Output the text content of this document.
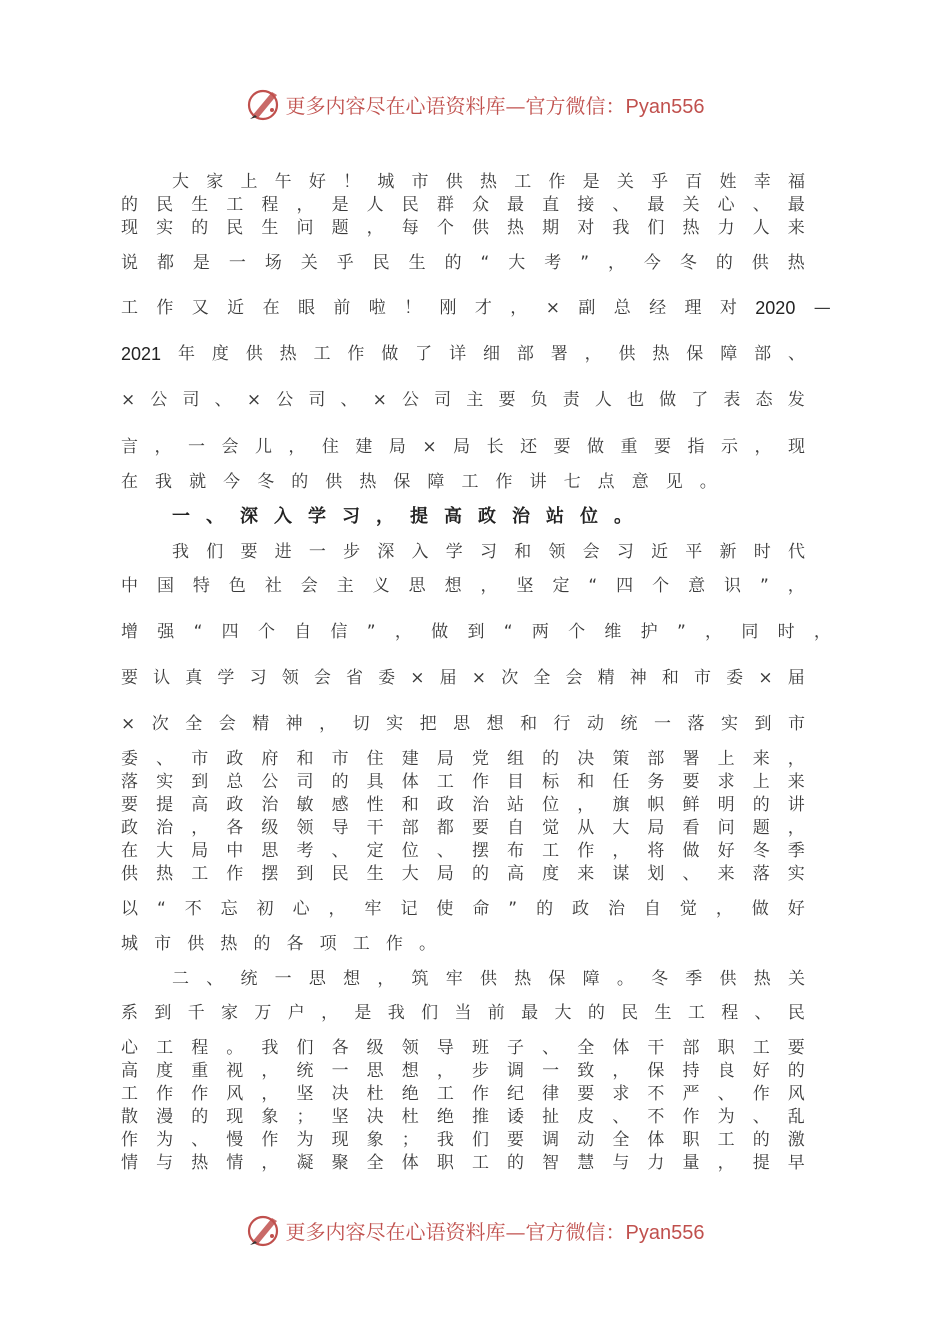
更多内容尽在心语资料库—官方微信：Pyan556
大 家 上 午 好 ！ 城 市 供 热 工 作 是 关 乎 百 姓 幸 福
的 民 生 工 程 ， 是 人 民 群 众 最 直 接 、 最 关 心 、 最
现 实 的 民 生 问 题 ， 每 个 供 热 期 对 我 们 热 力 人 来
说 都 是 一 场 关 乎 民 生 的 “ 大 考 ” ， 今 冬 的 供 热
工 作 又 近 在 眼 前 啦 ！ 刚 才 ， × 副 总 经 理 对 2020 —
2021 年 度 供 热 工 作 做 了 详 细 部 署 ， 供 热 保 障 部 、
× 公 司 、 × 公 司 、 × 公 司 主 要 负 责 人 也 做 了 表 态 发
言 ， 一 会 儿 ， 住 建 局 × 局 长 还 要 做 重 要 指 示 ， 现
在 我 就 今 冬 的 供 热 保 障 工 作 讲 七 点 意 见 。
一 、 深 入 学 习 ， 提 高 政 治 站 位 。
我 们 要 进 一 步 深 入 学 习 和 领 会 习 近 平 新 时 代
中 国 特 色 社 会 主 义 思 想 ， 坚 定 “ 四 个 意 识 ” ，
增 强 “ 四 个 自 信 ” ， 做 到 “ 两 个 维 护 ” ， 同 时 ，
要 认 真 学 习 领 会 省 委 × 届 × 次 全 会 精 神 和 市 委 × 届
× 次 全 会 精 神 ， 切 实 把 思 想 和 行 动 统 一 落 实 到 市
委 、 市 政 府 和 市 住 建 局 党 组 的 决 策 部 署 上 来 ，
落 实 到 总 公 司 的 具 体 工 作 目 标 和 任 务 要 求 上 来
要 提 高 政 治 敏 感 性 和 政 治 站 位 ， 旗 帜 鲜 明 的 讲
政 治 ， 各 级 领 导 干 部 都 要 自 觉 从 大 局 看 问 题 ，
在 大 局 中 思 考 、 定 位 、 摆 布 工 作 ， 将 做 好 冬 季
供 热 工 作 摆 到 民 生 大 局 的 高 度 来 谋 划 、 来 落 实
以 “ 不 忘 初 心 ， 牢 记 使 命 ” 的 政 治 自 觉 ， 做 好
城 市 供 热 的 各 项 工 作 。
二 、 统 一 思 想 ， 筑 牢 供 热 保 障 。 冬 季 供 热 关
系 到 千 家 万 户 ， 是 我 们 当 前 最 大 的 民 生 工 程 、 民
心 工 程 。 我 们 各 级 领 导 班 子 、 全 体 干 部 职 工 要
高 度 重 视 ， 统 一 思 想 ， 步 调 一 致 ， 保 持 良 好 的
工 作 作 风 ， 坚 决 杜 绝 工 作 纪 律 要 求 不 严 、 作 风
散 漫 的 现 象 ； 坚 决 杜 绝 推 诿 扯 皮 、 不 作 为 、 乱
作 为 、 慢 作 为 现 象 ； 我 们 要 调 动 全 体 职 工 的 激
情 与 热 情 ， 凝 聚 全 体 职 工 的 智 慧 与 力 量 ， 提 早
更多内容尽在心语资料库—官方微信：Pyan556
